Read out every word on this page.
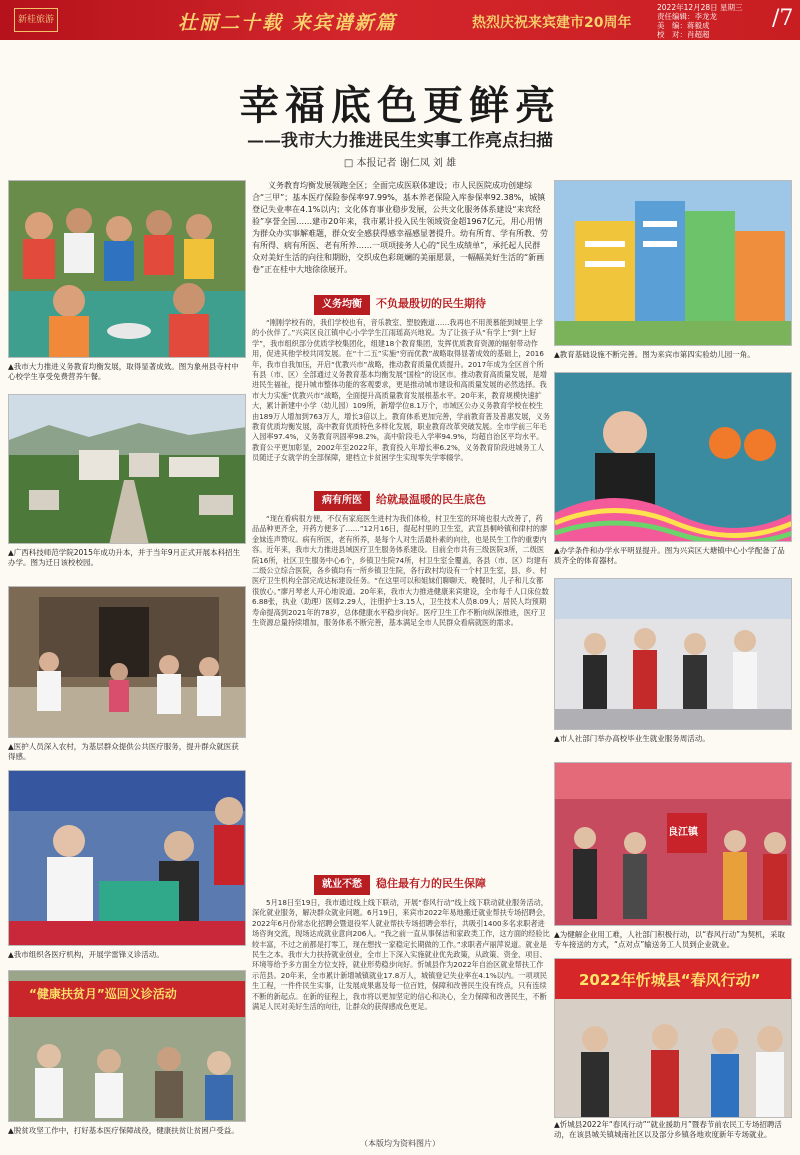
新桂旅游	壮丽二十载 来宾谱新篇	热烈庆祝来宾建市20周年
2022年12月28日 星期三
责任编辑：李龙龙
美　编：蒋毅成
校　对：肖超超
/7
幸福底色更鲜亮
——我市大力推进民生实事工作亮点扫描
□ 本报记者 谢仁凤 刘 雄
▲我市大力推进义务教育均衡发展，取得显著成效。图为象州县寺村中心校学生享受免费营养午餐。
▲广西科技师范学院2015年成功升本，并于当年9月正式开展本科招生办学。图为迁日该校校园。
▲医护人员深入农村，为基层群众提供公共医疗服务，提升群众就医获得感。
▲我市组织各医疗机构，开展学雷锋义诊活动。
“健康扶贫月”巡回义诊活动
▲脱贫攻坚工作中，打好基本医疗保障战役，健康扶贫让贫困户受益。
▲教育基础设施不断完善。图为来宾市第四实验幼儿园一角。
▲办学条件和办学水平明显提升。图为兴宾区大塘镇中心小学配备了品质齐全的体育器材。
▲市人社部门举办高校毕业生就业服务周活动。
良江镇
▲为健解企业用工难，人社部门积极行动，以“春风行动”为契机，采取专车接送的方式，“点对点”输送务工人员到企业就业。
2022年忻城县“春风行动”
▲忻城县2022年“春风行动”“就业援助月”暨春节前农民工专场招聘活动，在该县城关镇城南社区以及部分乡镇各地欢度新年专场就业。
义务教育均衡发展领跑全区；全面完成医联体建设；市人民医院成功创建综合“三甲”；基本医疗保险参保率97.99%，基本养老保险入库参保率92.38%，城镇登记失业率在4.1%以内；文化体育事业稳步发展，公共文化服务体系建设“来宾经验”享誉全国……建市20年来，我市累计投入民生领域资金超1967亿元，用心用情为群众办实事解难题，群众安全感获得感幸福感显著提升。幼有所育、学有所教、劳有所得、病有所医、老有所养……一项项接务人心的“民生成绩单”，承托起人民群众对美好生活的向往和期盼，交织成色彩斑斓的美丽愿景，一幅幅美好生活的“新画卷”正在桂中大地徐徐展开。
义务均衡 不负最殷切的民生期待
“刚刚学校有的，我们学校也有，音乐教室、塑胶跑道……我再也不用羡慕能到城里上学的小伙伴了。”兴宾区良江镇中心小学学生江雨瑶高兴地说。为了让孩子从“有学上”到“上好学”，我市组织部分优质学校集团化，组建18个教育集团，发挥优质教育资源的辐射带动作用，促进其他学校共同发展。在“十二五”实施“穷而优教”战略取得显著成效的基础上，2016年，我市自我加压，开启“优教兴市”战略，推动教育质量优质提升。2017年成为全区首个所有县（市、区）全部通过义务教育基本均衡发展“国检”的设区市。推动教育高质量发展，是增进民生福祉，提升城市整体功能的客观要求，更是推动城市建设和高质量发展的必然选择。我市大力实施“优教兴市”战略，全面提升高质量教育发展根基水平。20年来，教育规模快速扩大，累计新建中小学（幼儿园）109所，新增学位8.1万个，市域区公办义务教育学校在校生由189万人增加到763万人，增长3倍以上。教育体系更加完善，学前教育普及普惠发展，义务教育优质均衡发展，高中教育优质特色多样化发展，职业教育改革突破发展。全市学前三年毛入园率97.4%，义务教育巩固率98.2%，高中阶段毛入学率94.9%，均超自治区平均水平。教育公平更加彰显，2002年至2022年，教育投入年增长率6.2%，义务教育阶段进城务工人员随迁子女就学的全部保障，建档立卡贫困学生实现零失学零辍学。
病有所医 给就最温暖的民生底色
“现在看病很方便，不仅有家庭医生进村为我们体检，村卫生室的环境也很大改善了，药品品种更齐全，开药方便多了……”12月16日，提起村里的卫生室，武宣县桐岭镇和律村的廖金妹连声赞叹。病有所医，老有所养，是每个人对生活最朴素的向往，也是民生工作的重要内容。近年来，我市大力推进县域医疗卫生服务体系建设。目前全市共有三级医院3所，二级医院16所，社区卫生服务中心6个，乡镇卫生院74所，村卫生室全覆盖，各县（市、区）均建有二级公立综合医院，各乡镇均有一所乡镇卫生院，各行政村均设有一个村卫生室，县、乡、村医疗卫生机构全部完成达标建设任务。“在这里可以和姐妹们聊聊天、晚餐时，儿子和儿女都很放心。”廖月琴老人开心地说道。20年来，我市大力推进健康来宾建设，全市每千人口床位数6.88张，执业（助理）医师2.29人，注册护士3.15人，卫生技术人员8.09人；居民人均预期寿命提高到2021年的78岁，总体健康水平稳步向好。医疗卫生工作不断向纵深推进，医疗卫生资源总量持续增加，服务体系不断完善，基本满足全市人民群众看病就医的需求。
就业不愁 稳住最有力的民生保障
5月18日至19日，我市通过线上线下联动，开展“春风行动”线上线下联动就业服务活动，深化就业服务，解决群众就业问题。6月19日，来宾市2022年易地搬迁就业帮扶专场招聘会，2022年6月份常态化招聘会暨退役军人就业帮扶专场招聘会举行，共吸引1400多名求职者进场咨询交流，现场达成就业意向206人。“我之前一直从事保洁和家政类工作，这方面的经验比较丰富，不过之前都是打零工，现在想找一家稳定长期做的工作。”求职者卢丽萍说道。就业是民生之本。我市大力扶持就业创业，全市上下深入实施就业优先政策，从政策、资金、项目、环境等给予多方面全方位支持，就业形势稳步向好。忻城县作为2022年自治区就业帮扶工作示范县。20年来，全市累计新增城镇就业17.8万人，城镇登记失业率在4.1%以内。一项项民生工程，一件件民生实事，让发展成果惠及每一位百姓，保障和改善民生没有终点，只有连续不断的新起点。在新的征程上，我市将以更加坚定的信心和决心，全力保障和改善民生，不断满足人民对美好生活的向往，让群众的获得感成色更足。
（本版均为资料图片）
